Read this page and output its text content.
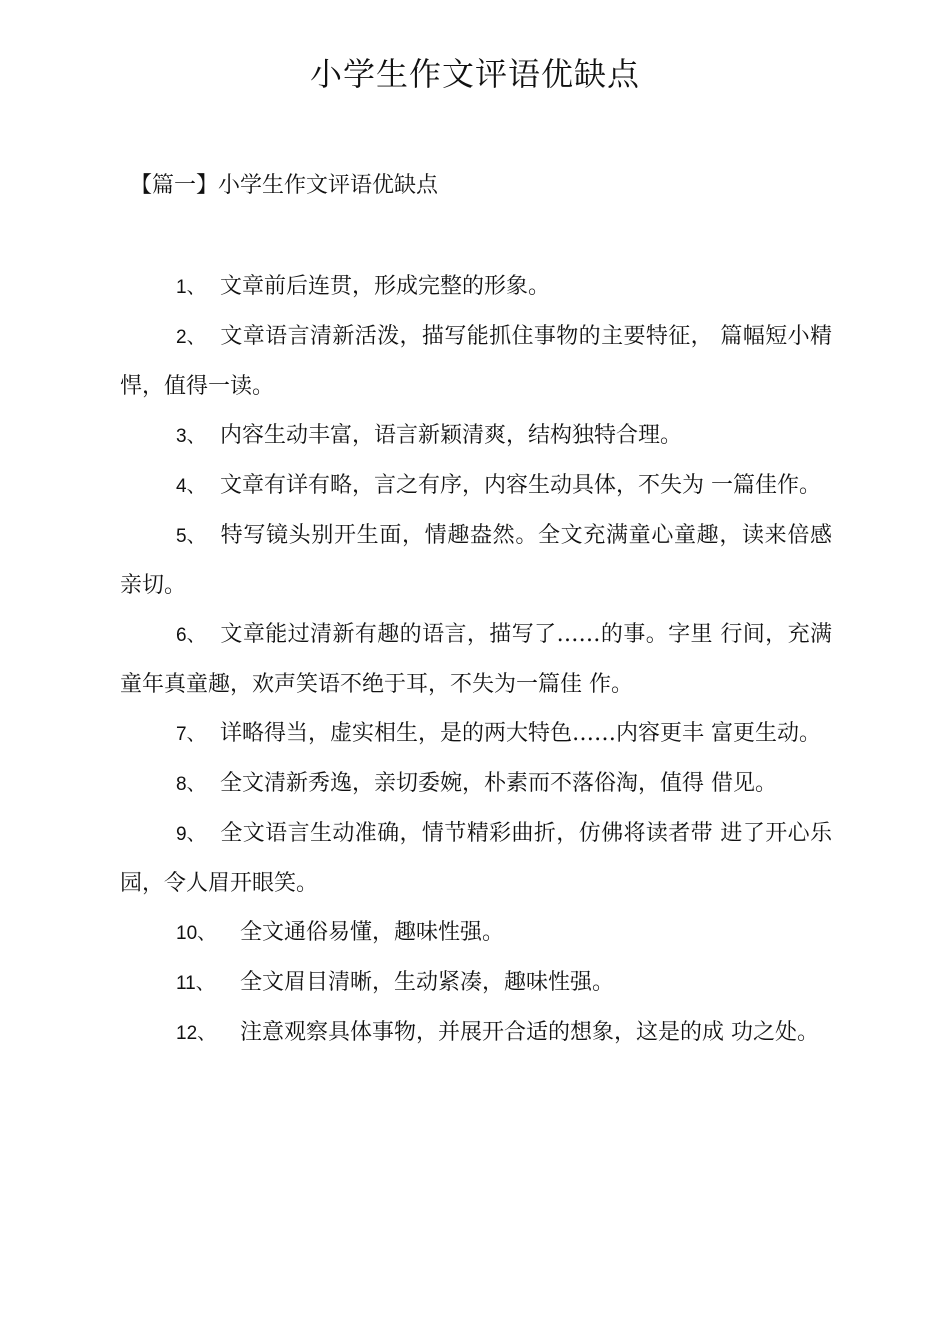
小学生作文评语优缺点
【篇一】小学生作文评语优缺点
1、 文章前后连贯，形成完整的形象。
2、 文章语言清新活泼，描写能抓住事物的主要特征， 篇幅短小精悍，值得一读。
3、 内容生动丰富，语言新颖清爽，结构独特合理。
4、 文章有详有略，言之有序，内容生动具体，不失为 一篇佳作。
5、 特写镜头别开生面，情趣盎然。全文充满童心童趣，读来倍感亲切。
6、 文章能过清新有趣的语言，描写了……的事。字里 行间，充满童年真童趣，欢声笑语不绝于耳，不失为一篇佳 作。
7、 详略得当，虚实相生，是的两大特色……内容更丰 富更生动。
8、 全文清新秀逸，亲切委婉，朴素而不落俗淘，值得 借见。
9、 全文语言生动准确，情节精彩曲折，仿佛将读者带 进了开心乐园，令人眉开眼笑。
10、 全文通俗易懂，趣味性强。
11、 全文眉目清晰，生动紧凑，趣味性强。
12、 注意观察具体事物，并展开合适的想象，这是的成 功之处。
